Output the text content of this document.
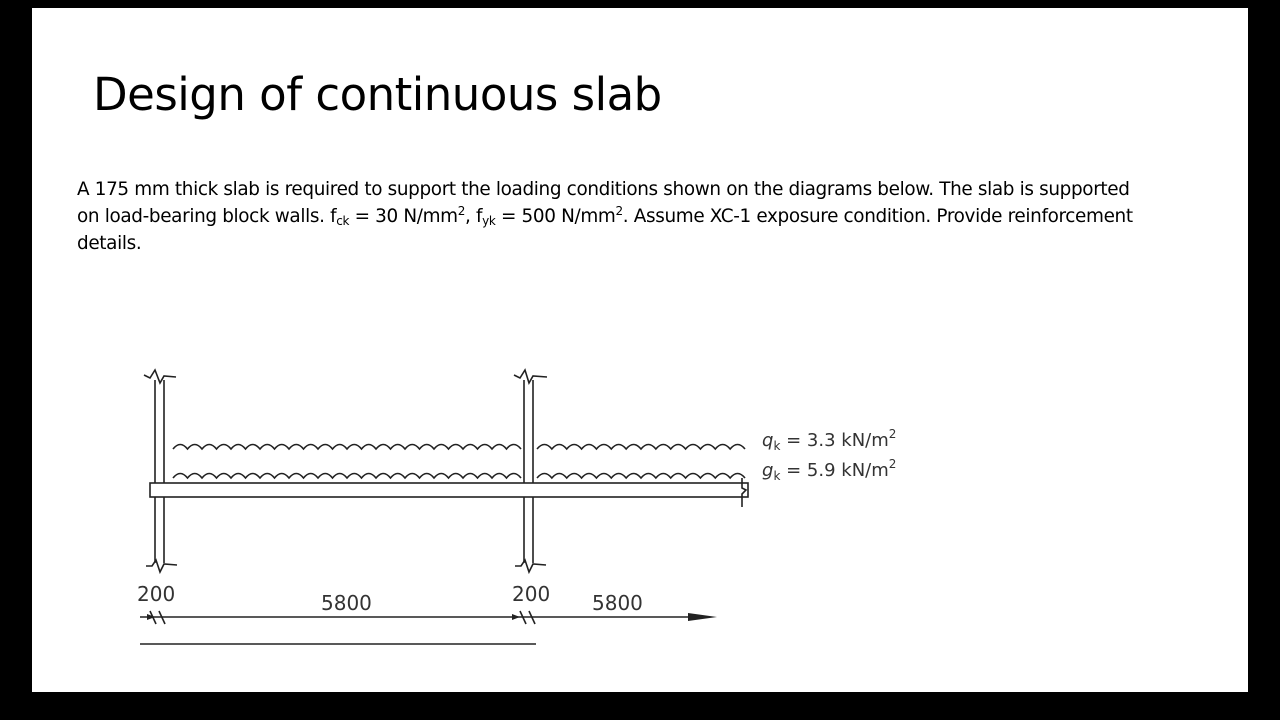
Design of continuous slab

A 175 mm thick slab is required to support the loading conditions shown on the diagrams below. The slab is supported on load-bearing block walls. $f_{ck} = 30$ $N/mm^2$, $f_{yk} = 500$ $N/mm^2$. Assume XC-1 exposure condition. Provide reinforcement details.

$q_k = 3.3$ $kN/m^2$
$g_k = 5.9$ $kN/m^2$
200	5800	200 5800
